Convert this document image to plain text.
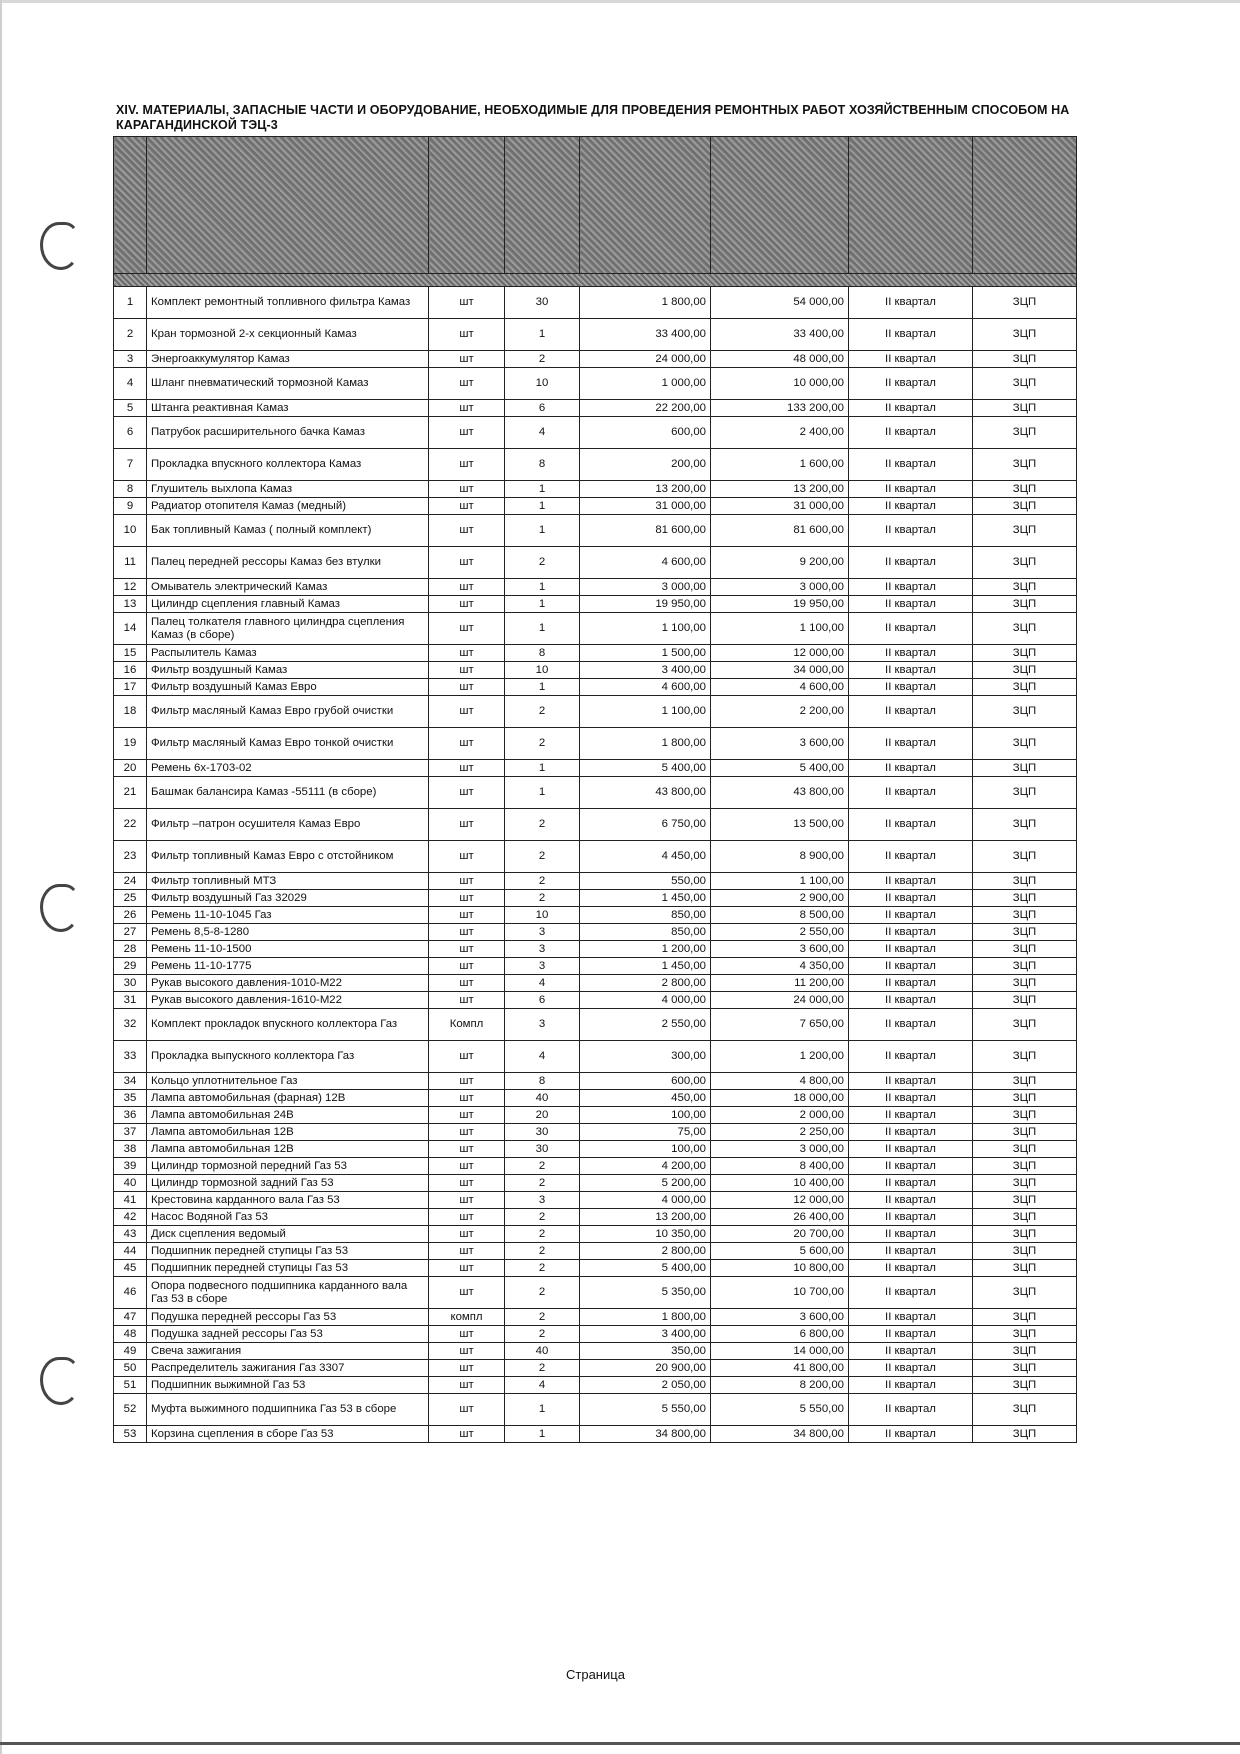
XIV. МАТЕРИАЛЫ, ЗАПАСНЫЕ ЧАСТИ И ОБОРУДОВАНИЕ, НЕОБХОДИМЫЕ ДЛЯ ПРОВЕДЕНИЯ РЕМОНТНЫХ РАБОТ ХОЗЯЙСТВЕННЫМ СПОСОБОМ НА КАРАГАНДИНСКОЙ ТЭЦ-3

1	Комплект ремонтный топливного фильтра Камаз	шт	30	1 800,00	54 000,00	II квартал	ЗЦП
2	Кран тормозной 2-х секционный Камаз	шт	1	33 400,00	33 400,00	II квартал	ЗЦП
3	Энергоаккумулятор Камаз	шт	2	24 000,00	48 000,00	II квартал	ЗЦП
4	Шланг пневматический тормозной Камаз	шт	10	1 000,00	10 000,00	II квартал	ЗЦП
5	Штанга реактивная Камаз	шт	6	22 200,00	133 200,00	II квартал	ЗЦП
6	Патрубок расширительного бачка Камаз	шт	4	600,00	2 400,00	II квартал	ЗЦП
7	Прокладка впускного коллектора Камаз	шт	8	200,00	1 600,00	II квартал	ЗЦП
8	Глушитель выхлопа Камаз	шт	1	13 200,00	13 200,00	II квартал	ЗЦП
9	Радиатор отопителя Камаз (медный)	шт	1	31 000,00	31 000,00	II квартал	ЗЦП
10	Бак топливный Камаз ( полный комплект)	шт	1	81 600,00	81 600,00	II квартал	ЗЦП
11	Палец передней рессоры Камаз без втулки	шт	2	4 600,00	9 200,00	II квартал	ЗЦП
12	Омыватель электрический Камаз	шт	1	3 000,00	3 000,00	II квартал	ЗЦП
13	Цилиндр сцепления главный Камаз	шт	1	19 950,00	19 950,00	II квартал	ЗЦП
14	Палец толкателя главного цилиндра сцепления Камаз (в сборе)	шт	1	1 100,00	1 100,00	II квартал	ЗЦП
15	Распылитель Камаз	шт	8	1 500,00	12 000,00	II квартал	ЗЦП
16	Фильтр воздушный Камаз	шт	10	3 400,00	34 000,00	II квартал	ЗЦП
17	Фильтр воздушный Камаз Евро	шт	1	4 600,00	4 600,00	II квартал	ЗЦП
18	Фильтр масляный Камаз Евро грубой очистки	шт	2	1 100,00	2 200,00	II квартал	ЗЦП
19	Фильтр масляный Камаз Евро тонкой очистки	шт	2	1 800,00	3 600,00	II квартал	ЗЦП
20	Ремень 6х-1703-02	шт	1	5 400,00	5 400,00	II квартал	ЗЦП
21	Башмак балансира Камаз -55111 (в сборе)	шт	1	43 800,00	43 800,00	II квартал	ЗЦП
22	Фильтр –патрон осушителя Камаз Евро	шт	2	6 750,00	13 500,00	II квартал	ЗЦП
23	Фильтр топливный Камаз Евро с отстойником	шт	2	4 450,00	8 900,00	II квартал	ЗЦП
24	Фильтр топливный МТЗ	шт	2	550,00	1 100,00	II квартал	ЗЦП
25	Фильтр воздушный Газ 32029	шт	2	1 450,00	2 900,00	II квартал	ЗЦП
26	Ремень 11-10-1045 Газ	шт	10	850,00	8 500,00	II квартал	ЗЦП
27	Ремень 8,5-8-1280	шт	3	850,00	2 550,00	II квартал	ЗЦП
28	Ремень 11-10-1500	шт	3	1 200,00	3 600,00	II квартал	ЗЦП
29	Ремень 11-10-1775	шт	3	1 450,00	4 350,00	II квартал	ЗЦП
30	Рукав высокого давления-1010-М22	шт	4	2 800,00	11 200,00	II квартал	ЗЦП
31	Рукав высокого давления-1610-М22	шт	6	4 000,00	24 000,00	II квартал	ЗЦП
32	Комплект прокладок впускного коллектора Газ	Компл	3	2 550,00	7 650,00	II квартал	ЗЦП
33	Прокладка выпускного коллектора Газ	шт	4	300,00	1 200,00	II квартал	ЗЦП
34	Кольцо уплотнительное Газ	шт	8	600,00	4 800,00	II квартал	ЗЦП
35	Лампа автомобильная (фарная) 12В	шт	40	450,00	18 000,00	II квартал	ЗЦП
36	Лампа автомобильная 24В	шт	20	100,00	2 000,00	II квартал	ЗЦП
37	Лампа автомобильная 12В	шт	30	75,00	2 250,00	II квартал	ЗЦП
38	Лампа автомобильная 12В	шт	30	100,00	3 000,00	II квартал	ЗЦП
39	Цилиндр тормозной передний Газ 53	шт	2	4 200,00	8 400,00	II квартал	ЗЦП
40	Цилиндр тормозной задний Газ 53	шт	2	5 200,00	10 400,00	II квартал	ЗЦП
41	Крестовина карданного вала Газ 53	шт	3	4 000,00	12 000,00	II квартал	ЗЦП
42	Насос Водяной Газ 53	шт	2	13 200,00	26 400,00	II квартал	ЗЦП
43	Диск сцепления ведомый	шт	2	10 350,00	20 700,00	II квартал	ЗЦП
44	Подшипник передней ступицы Газ 53	шт	2	2 800,00	5 600,00	II квартал	ЗЦП
45	Подшипник передней ступицы Газ 53	шт	2	5 400,00	10 800,00	II квартал	ЗЦП
46	Опора подвесного подшипника карданного вала Газ 53 в сборе	шт	2	5 350,00	10 700,00	II квартал	ЗЦП
47	Подушка передней рессоры Газ 53	компл	2	1 800,00	3 600,00	II квартал	ЗЦП
48	Подушка задней рессоры Газ 53	шт	2	3 400,00	6 800,00	II квартал	ЗЦП
49	Свеча зажигания	шт	40	350,00	14 000,00	II квартал	ЗЦП
50	Распределитель зажигания Газ 3307	шт	2	20 900,00	41 800,00	II квартал	ЗЦП
51	Подшипник выжимной Газ 53	шт	4	2 050,00	8 200,00	II квартал	ЗЦП
52	Муфта выжимного подшипника Газ 53 в сборе	шт	1	5 550,00	5 550,00	II квартал	ЗЦП
53	Корзина сцепления в сборе Газ 53	шт	1	34 800,00	34 800,00	II квартал	ЗЦП
Страница
